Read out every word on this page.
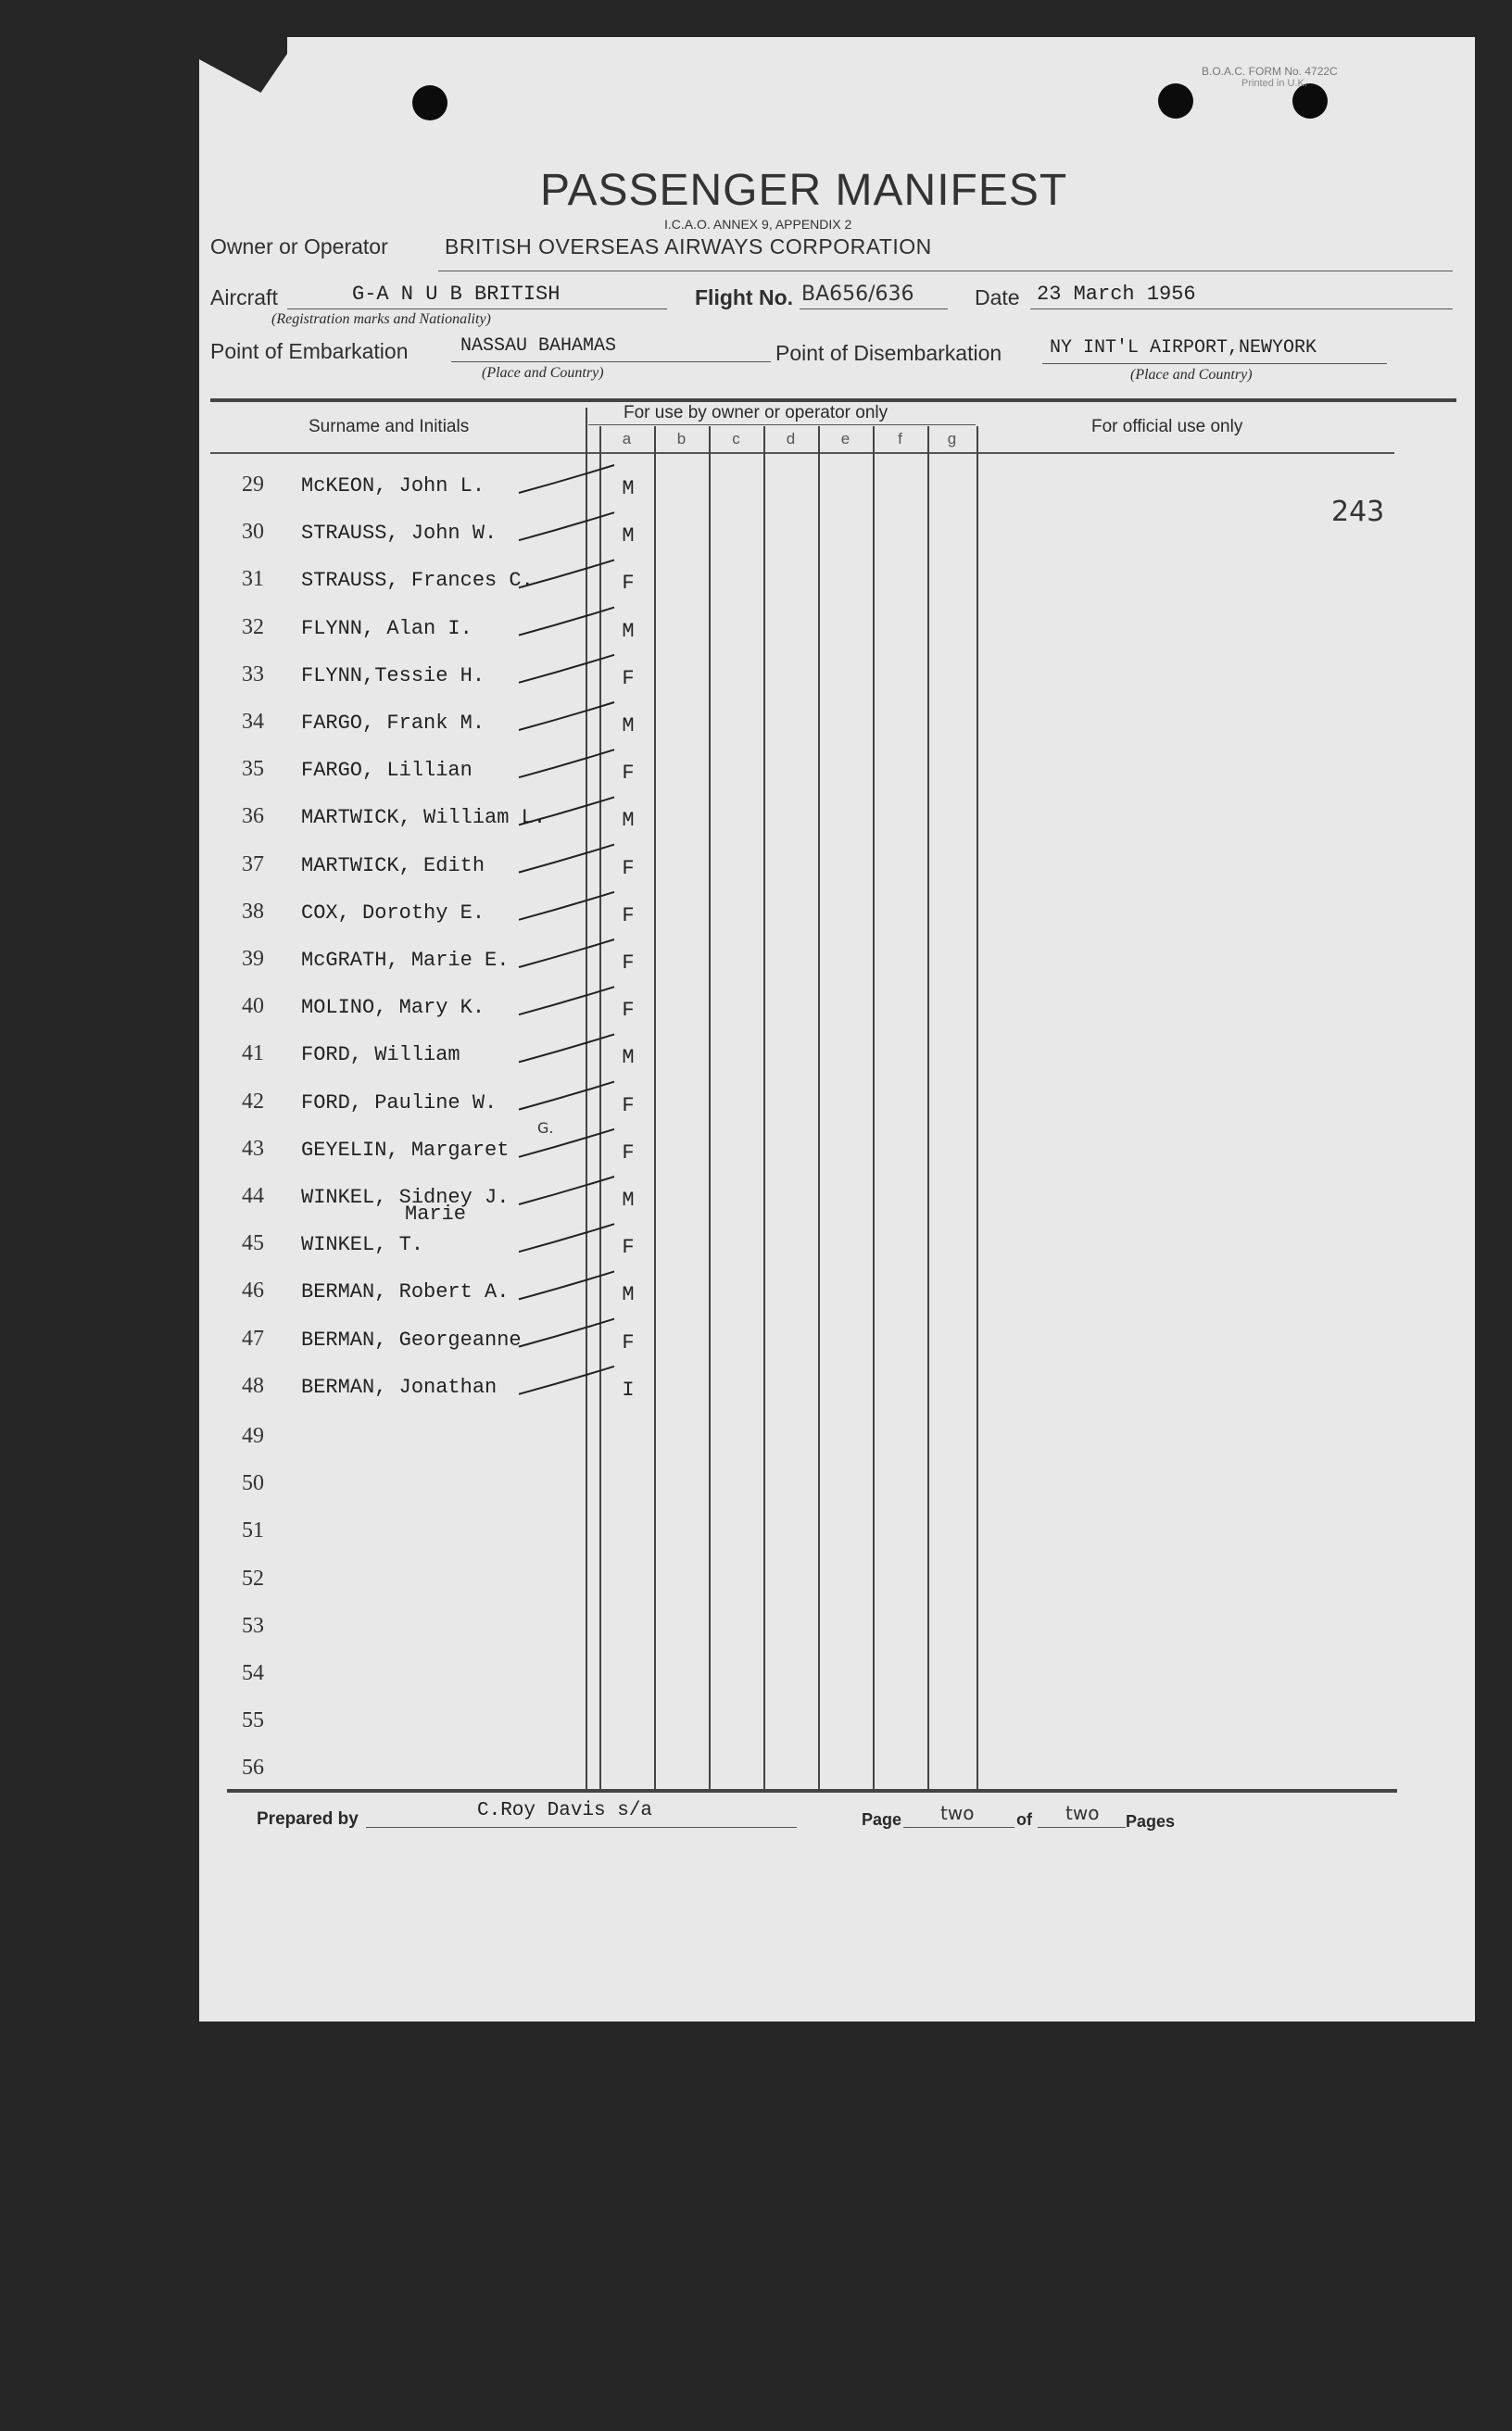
B.O.A.C. FORM No. 4722C
Printed in U.K.
PASSENGER MANIFEST
I.C.A.O. ANNEX 9, APPENDIX 2
Owner or Operator	BRITISH OVERSEAS AIRWAYS CORPORATION
Aircraft	G-A N U B BRITISH
(Registration marks and Nationality)
Flight No. BA656/636	Date 23 March 1956
Point of Embarkation	NASSAU BAHAMAS
(Place and Country)
Point of Disembarkation	NY INT'L AIRPORT,NEWYORK
(Place and Country)
Surname and Initials
For use by owner or operator only
For official use only
a	b	c	d	e	f	g
29 McKEON, John L.	M
30 STRAUSS, John W.	M
31 STRAUSS, Frances C.	F
32 FLYNN, Alan I.	M
33 FLYNN,Tessie H.	F
34 FARGO, Frank M.	M
35 FARGO, Lillian	F
36 MARTWICK, William L.	M
37 MARTWICK, Edith	F
38 COX, Dorothy E.	F
39 McGRATH, Marie E.	F
40 MOLINO, Mary K.	F
41 FORD, William	M
42 FORD, Pauline W.	F
43 GEYELIN, Margaret	F
44 WINKEL, Sidney J.	M
45 WINKEL, T.	F
46 BERMAN, Robert A.	M
47 BERMAN, Georgeanne	F
48 BERMAN, Jonathan	I
49
50
51
52
53
54
55
56
243
G.
Marie
Prepared by	C.Roy Davis s/a	Page two	of two Pages
